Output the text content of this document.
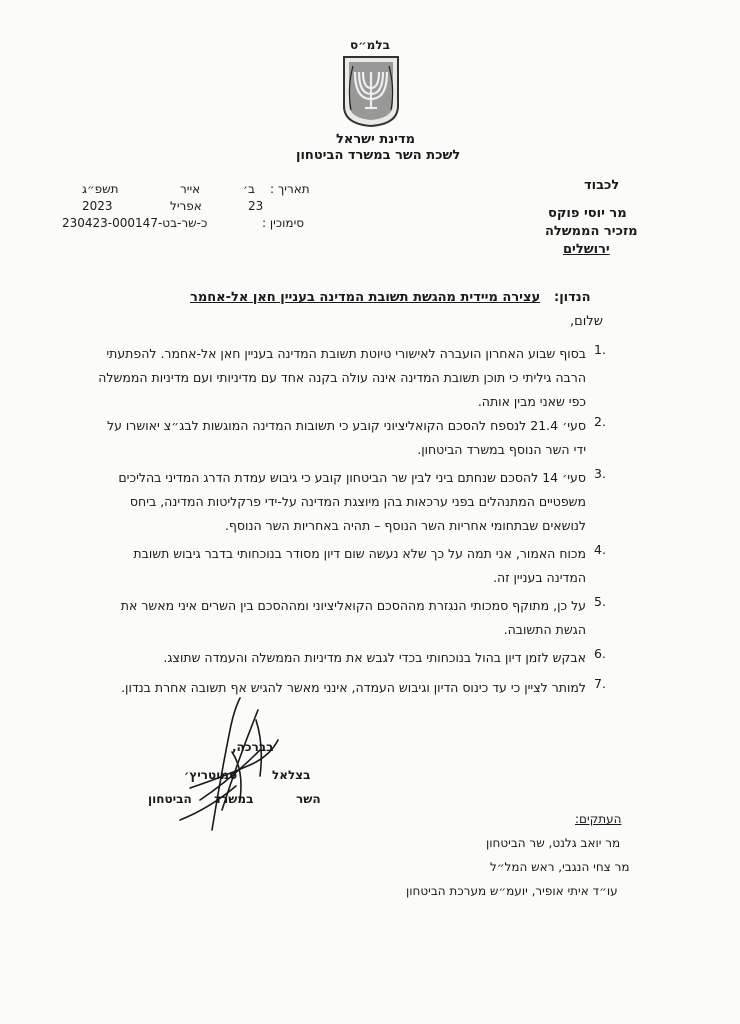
בלמ״ס
מדינת ישראל
לשכת השר במשרד הביטחון
לכבוד
מר יוסי פוקס
מזכיר הממשלה
ירושלים
תאריך :
ב׳
אייר
תשפ״ג
23
אפריל
2023
סימוכין :
כ-שר-בט-230423-000147
הנדון:
עצירה מיידית מהגשת תשובת המדינה בעניין חאן אל-אחמר
שלום,
1.
בסוף שבוע האחרון הועברה לאישורי טיוטת תשובת המדינה בעניין חאן אל-אחמר. להפתעתי הרבה גיליתי כי תוכן תשובת המדינה אינה עולה בקנה אחד עם מדיניותי ועם מדיניות הממשלה כפי שאני מבין אותה.
2.
סעי׳ 21.4 לנספח להסכם הקואליציוני קובע כי תשובות המדינה המוגשות לבג״צ יאושרו על ידי השר הנוסף במשרד הביטחון.
3.
סעי׳ 14 להסכם שנחתם ביני לבין שר הביטחון קובע כי גיבוש עמדת הדרג המדיני בהליכים משפטיים המתנהלים בפני ערכאות בהן מיוצגת המדינה על-ידי פרקליטות המדינה, ביחס לנושאים שבתחומי אחריות השר הנוסף – תהיה באחריות השר הנוסף.
4.
מכוח האמור, אני תמה על כך שלא נעשה שום דיון מסודר בנוכחותי בדבר גיבוש תשובת המדינה בעניין זה.
5.
על כן, מתוקף סמכותי הנגזרת מההסכם הקואליציוני ומההסכם בין השרים איני מאשר את הגשת התשובה.
6.
אבקש לזמן דיון בהול בנוכחותי בכדי לגבש את מדיניות הממשלה והעמדה שתוצג.
7.
למותר לציין כי עד כינוס הדיון וגיבוש העמדה, אינני מאשר להגיש אף תשובה אחרת בנדון.
בברכה,
בצלאל
סמוטריץ׳
השר
במשרד
הביטחון
העתקים:
מר יואב גלנט, שר הביטחון
מר צחי הנגבי, ראש המל״ל
עו״ד איתי אופיר, יועמ״ש מערכת הביטחון
